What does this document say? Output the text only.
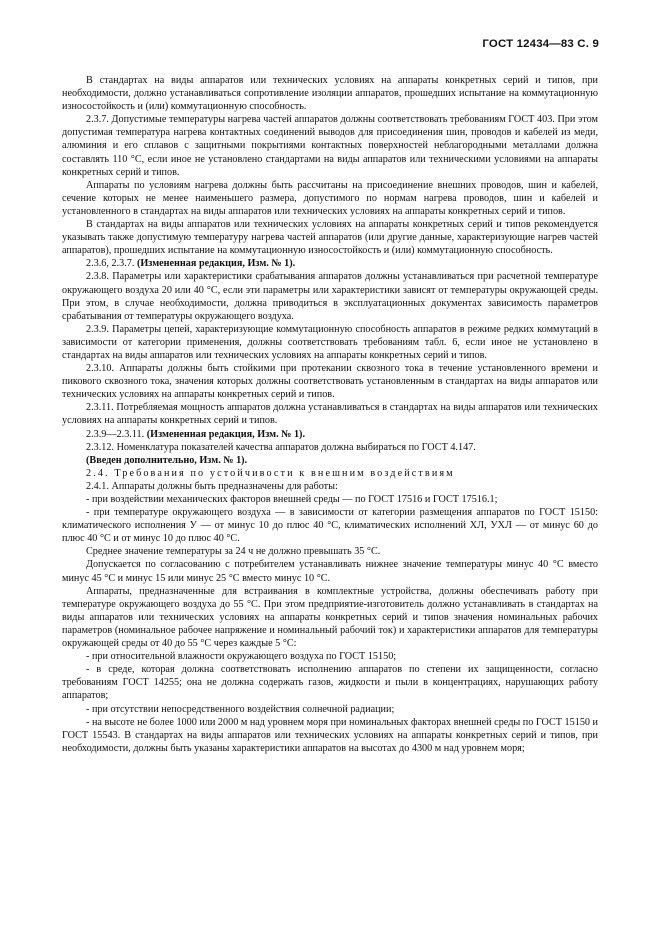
ГОСТ 12434—83 С. 9

В стандартах на виды аппаратов или технических условиях на аппараты конкретных серий и типов, при необходимости, должно устанавливаться сопротивление изоляции аппаратов, прошедших испытание на коммутационную износостойкость и (или) коммутационную способность.

2.3.7. Допустимые температуры нагрева частей аппаратов должны соответствовать требованиям ГОСТ 403. При этом допустимая температура нагрева контактных соединений выводов для присоединения шин, проводов и кабелей из меди, алюминия и его сплавов с защитными покрытиями контактных поверхностей неблагородными металлами должна составлять 110 °С, если иное не установлено стандартами на виды аппаратов или техническими условиями на аппараты конкретных серий и типов.

Аппараты по условиям нагрева должны быть рассчитаны на присоединение внешних проводов, шин и кабелей, сечение которых не менее наименьшего размера, допустимого по нормам нагрева проводов, шин и кабелей и установленного в стандартах на виды аппаратов или технических условиях на аппараты конкретных серий и типов.

В стандартах на виды аппаратов или технических условиях на аппараты конкретных серий и типов рекомендуется указывать также допустимую температуру нагрева частей аппаратов (или другие данные, характеризующие нагрев частей аппаратов), прошедших испытание на коммутационную износостойкость и (или) коммутационную способность.

2.3.6, 2.3.7. (Измененная редакция, Изм. № 1).

2.3.8. Параметры или характеристики срабатывания аппаратов должны устанавливаться при расчетной температуре окружающего воздуха 20 или 40 °С, если эти параметры или характеристики зависят от температуры окружающей среды. При этом, в случае необходимости, должна приводиться в эксплуатационных документах зависимость параметров срабатывания от температуры окружающего воздуха.

2.3.9. Параметры цепей, характеризующие коммутационную способность аппаратов в режиме редких коммутаций в зависимости от категории применения, должны соответствовать требованиям табл. 6, если иное не установлено в стандартах на виды аппаратов или технических условиях на аппараты конкретных серий и типов.

2.3.10. Аппараты должны быть стойкими при протекании сквозного тока в течение установленного времени и пикового сквозного тока, значения которых должны соответствовать установленным в стандартах на виды аппаратов или технических условиях на аппараты конкретных серий и типов.

2.3.11. Потребляемая мощность аппаратов должна устанавливаться в стандартах на виды аппаратов или технических условиях на аппараты конкретных серий и типов.

2.3.9—2.3.11. (Измененная редакция, Изм. № 1).

2.3.12. Номенклатура показателей качества аппаратов должна выбираться по ГОСТ 4.147.

(Введен дополнительно, Изм. № 1).

2.4. Требования по устойчивости к внешним воздействиям

2.4.1. Аппараты должны быть предназначены для работы:

- при воздействии механических факторов внешней среды — по ГОСТ 17516 и ГОСТ 17516.1;

- при температуре окружающего воздуха — в зависимости от категории размещения аппаратов по ГОСТ 15150: климатического исполнения У — от минус 10 до плюс 40 °С, климатических исполнений ХЛ, УХЛ — от минус 60 до плюс 40 °С и от минус 10 до плюс 40 °С.

Среднее значение температуры за 24 ч не должно превышать 35 °С.

Допускается по согласованию с потребителем устанавливать нижнее значение температуры минус 40 °С вместо минус 45 °С и минус 15 или минус 25 °С вместо минус 10 °С.

Аппараты, предназначенные для встраивания в комплектные устройства, должны обеспечивать работу при температуре окружающего воздуха до 55 °С. При этом предприятие-изготовитель должно устанавливать в стандартах на виды аппаратов или технических условиях на аппараты конкретных серий и типов значения номинальных рабочих параметров (номинальное рабочее напряжение и номинальный рабочий ток) и характеристики аппаратов для температуры окружающей среды от 40 до 55 °С через каждые 5 °С:

- при относительной влажности окружающего воздуха по ГОСТ 15150;

- в среде, которая должна соответствовать исполнению аппаратов по степени их защищенности, согласно требованиям ГОСТ 14255; она не должна содержать газов, жидкости и пыли в концентрациях, нарушающих работу аппаратов;

- при отсутствии непосредственного воздействия солнечной радиации;

- на высоте не более 1000 или 2000 м над уровнем моря при номинальных факторах внешней среды по ГОСТ 15150 и ГОСТ 15543. В стандартах на виды аппаратов или технических условиях на аппараты конкретных серий и типов, при необходимости, должны быть указаны характеристики аппаратов на высотах до 4300 м над уровнем моря;
